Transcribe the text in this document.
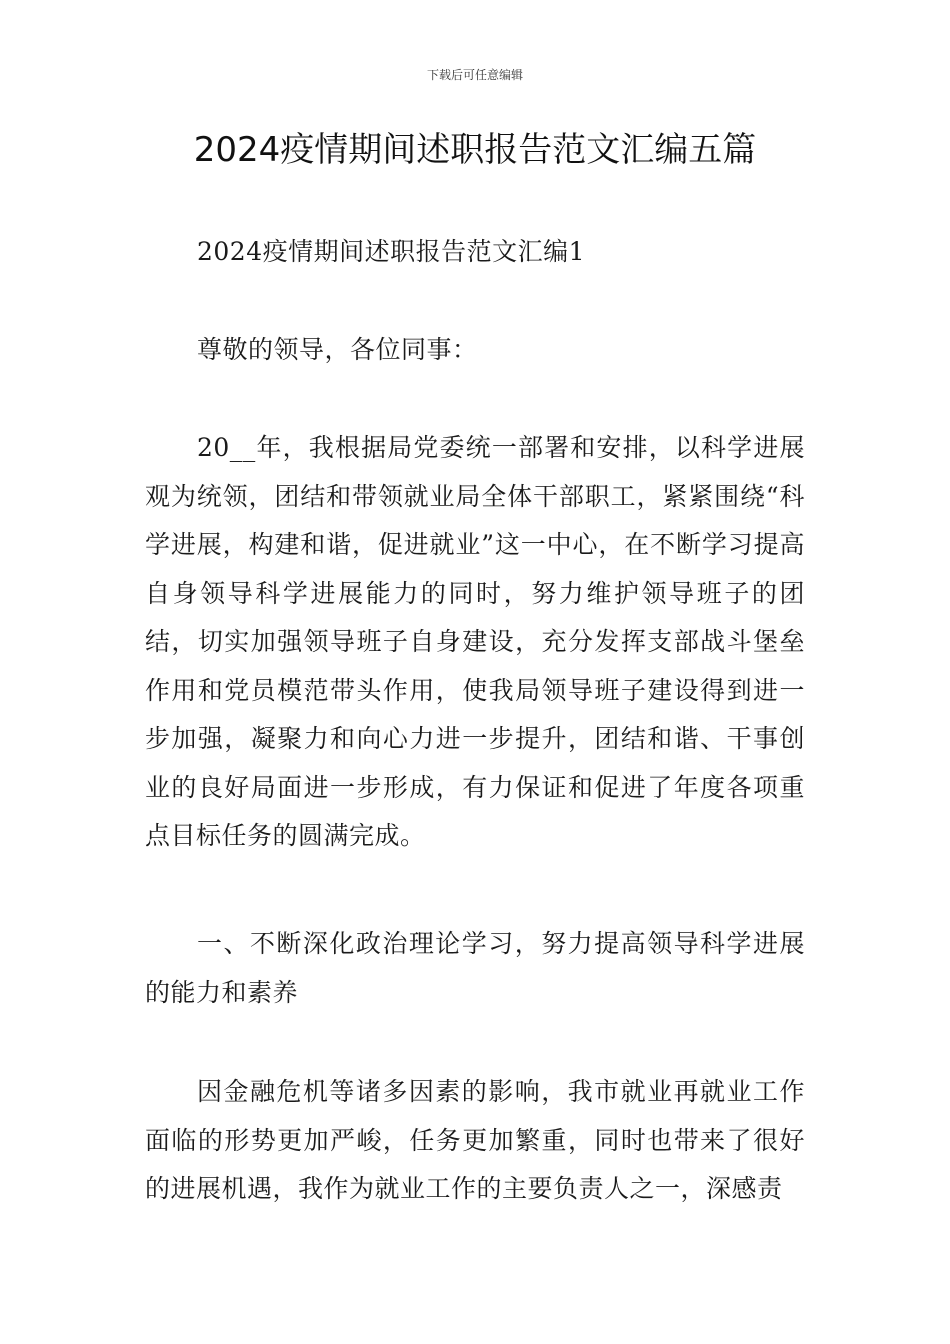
下载后可任意编辑
2024疫情期间述职报告范文汇编五篇

2024疫情期间述职报告范文汇编1

尊敬的领导，各位同事：

20__年，我根据局党委统一部署和安排，以科学进展观为统领，团结和带领就业局全体干部职工，紧紧围绕“科学进展，构建和谐，促进就业”这一中心，在不断学习提高自身领导科学进展能力的同时，努力维护领导班子的团结，切实加强领导班子自身建设，充分发挥支部战斗堡垒作用和党员模范带头作用，使我局领导班子建设得到进一步加强，凝聚力和向心力进一步提升，团结和谐、干事创业的良好局面进一步形成，有力保证和促进了年度各项重点目标任务的圆满完成。

一、不断深化政治理论学习，努力提高领导科学进展的能力和素养

因金融危机等诸多因素的影响，我市就业再就业工作面临的形势更加严峻，任务更加繁重，同时也带来了很好的进展机遇，我作为就业工作的主要负责人之一，深感责
